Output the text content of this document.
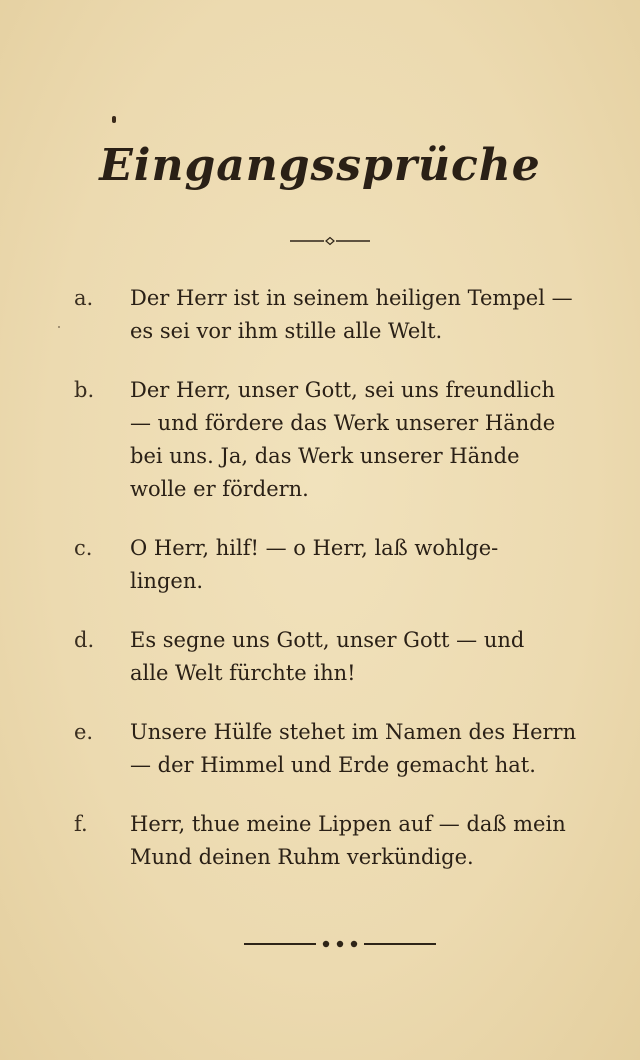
Eingangssprüche
a.	Der Herr ist in seinem heiligen Tempel —
es sei vor ihm stille alle Welt.
b.	Der Herr, unser Gott, sei uns freundlich
— und fördere das Werk unserer Hände
bei uns. Ja, das Werk unserer Hände
wolle er fördern.
c.	O Herr, hilf! — o Herr, laß wohlge-
lingen.
d.	Es segne uns Gott, unser Gott — und
alle Welt fürchte ihn!
e.	Unsere Hülfe stehet im Namen des Herrn
— der Himmel und Erde gemacht hat.
f.	Herr, thue meine Lippen auf — daß mein
Mund deinen Ruhm verkündige.
